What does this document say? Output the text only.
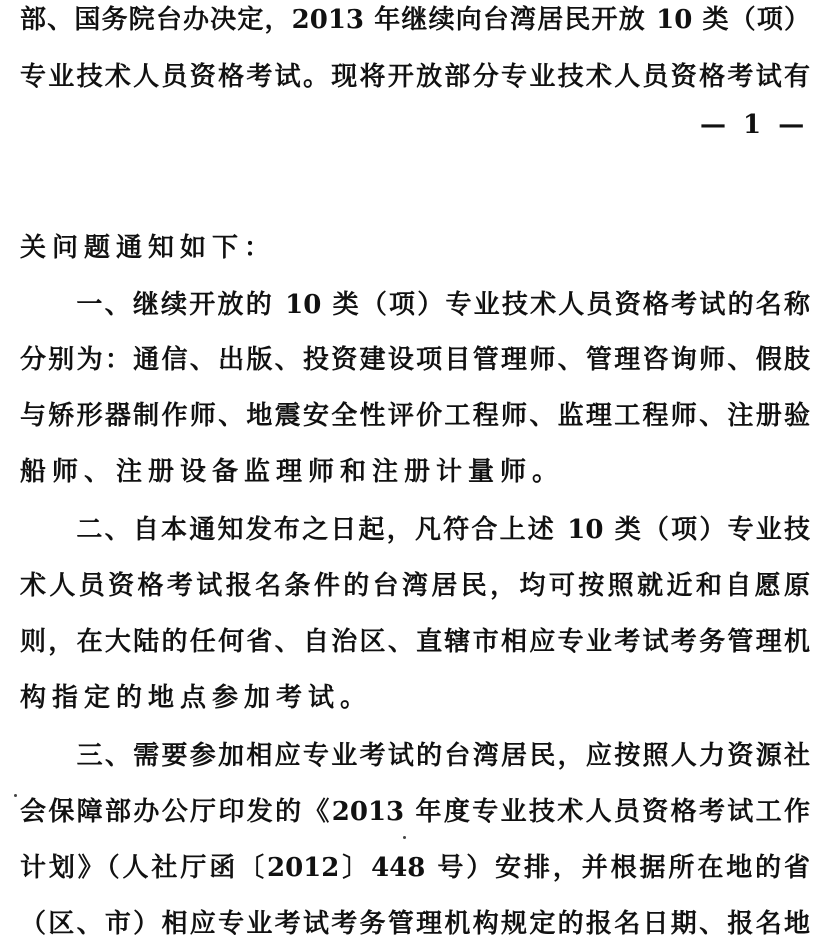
部、国务院台办决定，2013 年继续向台湾居民开放 10 类（项）
专业技术人员资格考试。现将开放部分专业技术人员资格考试有
— 1 —
关问题通知如下：
　　一、继续开放的 10 类（项）专业技术人员资格考试的名称
分别为：通信、出版、投资建设项目管理师、管理咨询师、假肢
与矫形器制作师、地震安全性评价工程师、监理工程师、注册验
船师、注册设备监理师和注册计量师。
　　二、自本通知发布之日起，凡符合上述 10 类（项）专业技
术人员资格考试报名条件的台湾居民，均可按照就近和自愿原
则，在大陆的任何省、自治区、直辖市相应专业考试考务管理机
构指定的地点参加考试。
　　三、需要参加相应专业考试的台湾居民，应按照人力资源社
会保障部办公厅印发的《2013 年度专业技术人员资格考试工作
计划》（人社厅函〔2012〕448 号）安排，并根据所在地的省
（区、市）相应专业考试考务管理机构规定的报名日期、报名地
